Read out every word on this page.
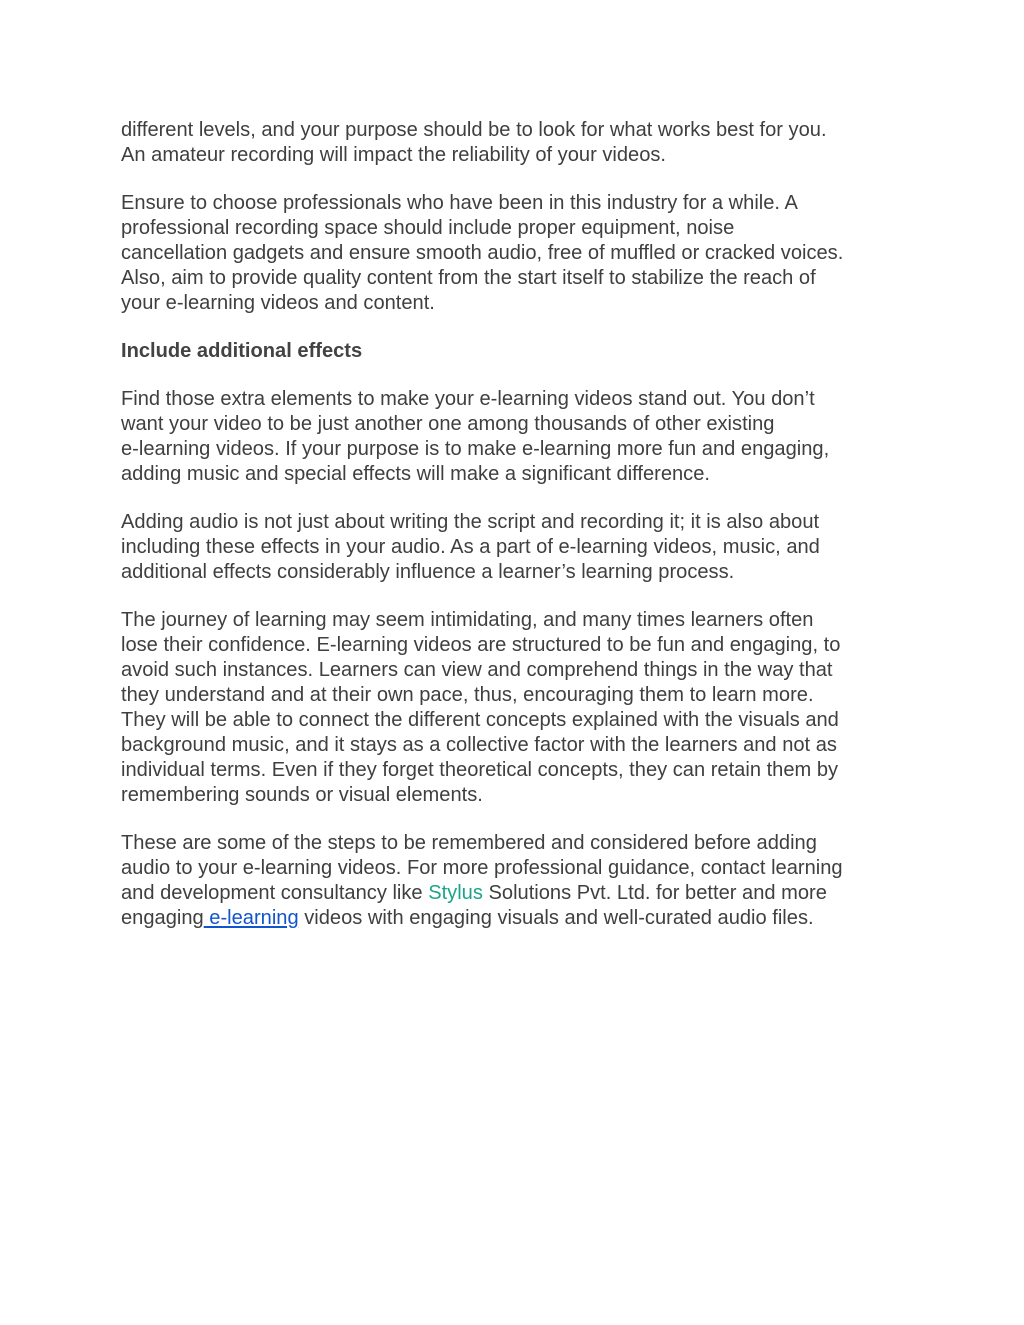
different levels, and your purpose should be to look for what works best for you.
An amateur recording will impact the reliability of your videos.

Ensure to choose professionals who have been in this industry for a while. A
professional recording space should include proper equipment, noise
cancellation gadgets and ensure smooth audio, free of muffled or cracked voices.
Also, aim to provide quality content from the start itself to stabilize the reach of
your e-learning videos and content.

Include additional effects

Find those extra elements to make your e-learning videos stand out. You don’t
want your video to be just another one among thousands of other existing
e-learning videos. If your purpose is to make e-learning more fun and engaging,
adding music and special effects will make a significant difference.

Adding audio is not just about writing the script and recording it; it is also about
including these effects in your audio. As a part of e-learning videos, music, and
additional effects considerably influence a learner’s learning process.

The journey of learning may seem intimidating, and many times learners often
lose their confidence. E-learning videos are structured to be fun and engaging, to
avoid such instances. Learners can view and comprehend things in the way that
they understand and at their own pace, thus, encouraging them to learn more.
They will be able to connect the different concepts explained with the visuals and
background music, and it stays as a collective factor with the learners and not as
individual terms. Even if they forget theoretical concepts, they can retain them by
remembering sounds or visual elements.

These are some of the steps to be remembered and considered before adding
audio to your e-learning videos. For more professional guidance, contact learning
and development consultancy like Stylus Solutions Pvt. Ltd. for better and more
engaging e-learning videos with engaging visuals and well-curated audio files.
